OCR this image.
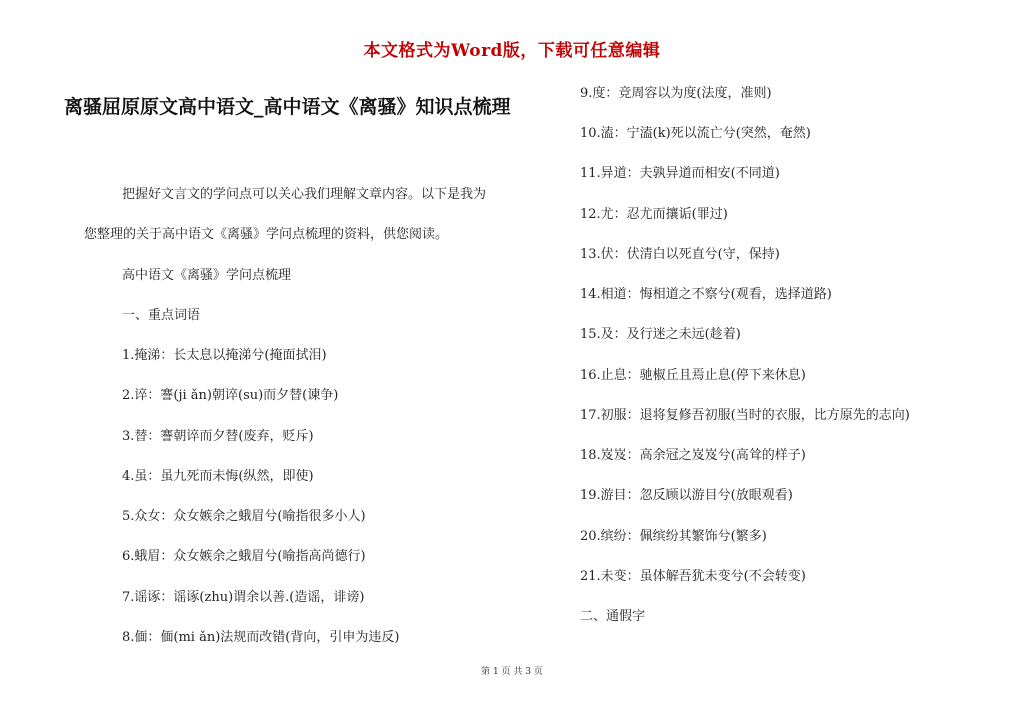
本文格式为Word版，下载可任意编辑
离骚屈原原文高中语文_高中语文《离骚》知识点梳理
把握好文言文的学问点可以关心我们理解文章内容。以下是我为
您整理的关于高中语文《离骚》学问点梳理的资料，供您阅读。
高中语文《离骚》学问点梳理
一、重点词语
1.掩涕：长太息以掩涕兮(掩面拭泪)
2.谇：謇(ji ǎn)朝谇(su)而夕替(谏争)
3.替：謇朝谇而夕替(废弃，贬斥)
4.虽：虽九死而未悔(纵然，即使)
5.众女：众女嫉余之蛾眉兮(喻指很多小人)
6.蛾眉：众女嫉余之蛾眉兮(喻指高尚德行)
7.谣诼：谣诼(zhu)谓余以善.(造谣，诽谤)
8.偭：偭(mi ǎn)法规而改错(背向，引申为违反)
9.度：竞周容以为度(法度，准则)
10.溘：宁溘(k)死以流亡兮(突然，奄然)
11.异道：夫孰异道而相安(不同道)
12.尤：忍尤而攘诟(罪过)
13.伏：伏清白以死直兮(守，保持)
14.相道：悔相道之不察兮(观看，选择道路)
15.及：及行迷之未远(趁着)
16.止息：驰椒丘且焉止息(停下来休息)
17.初服：退将复修吾初服(当时的衣服，比方原先的志向)
18.岌岌：高余冠之岌岌兮(高耸的样子)
19.游目：忽反顾以游目兮(放眼观看)
20.缤纷：佩缤纷其繁饰兮(繁多)
21.未变：虽体解吾犹未变兮(不会转变)
二、通假字
第 1 页 共 3 页
